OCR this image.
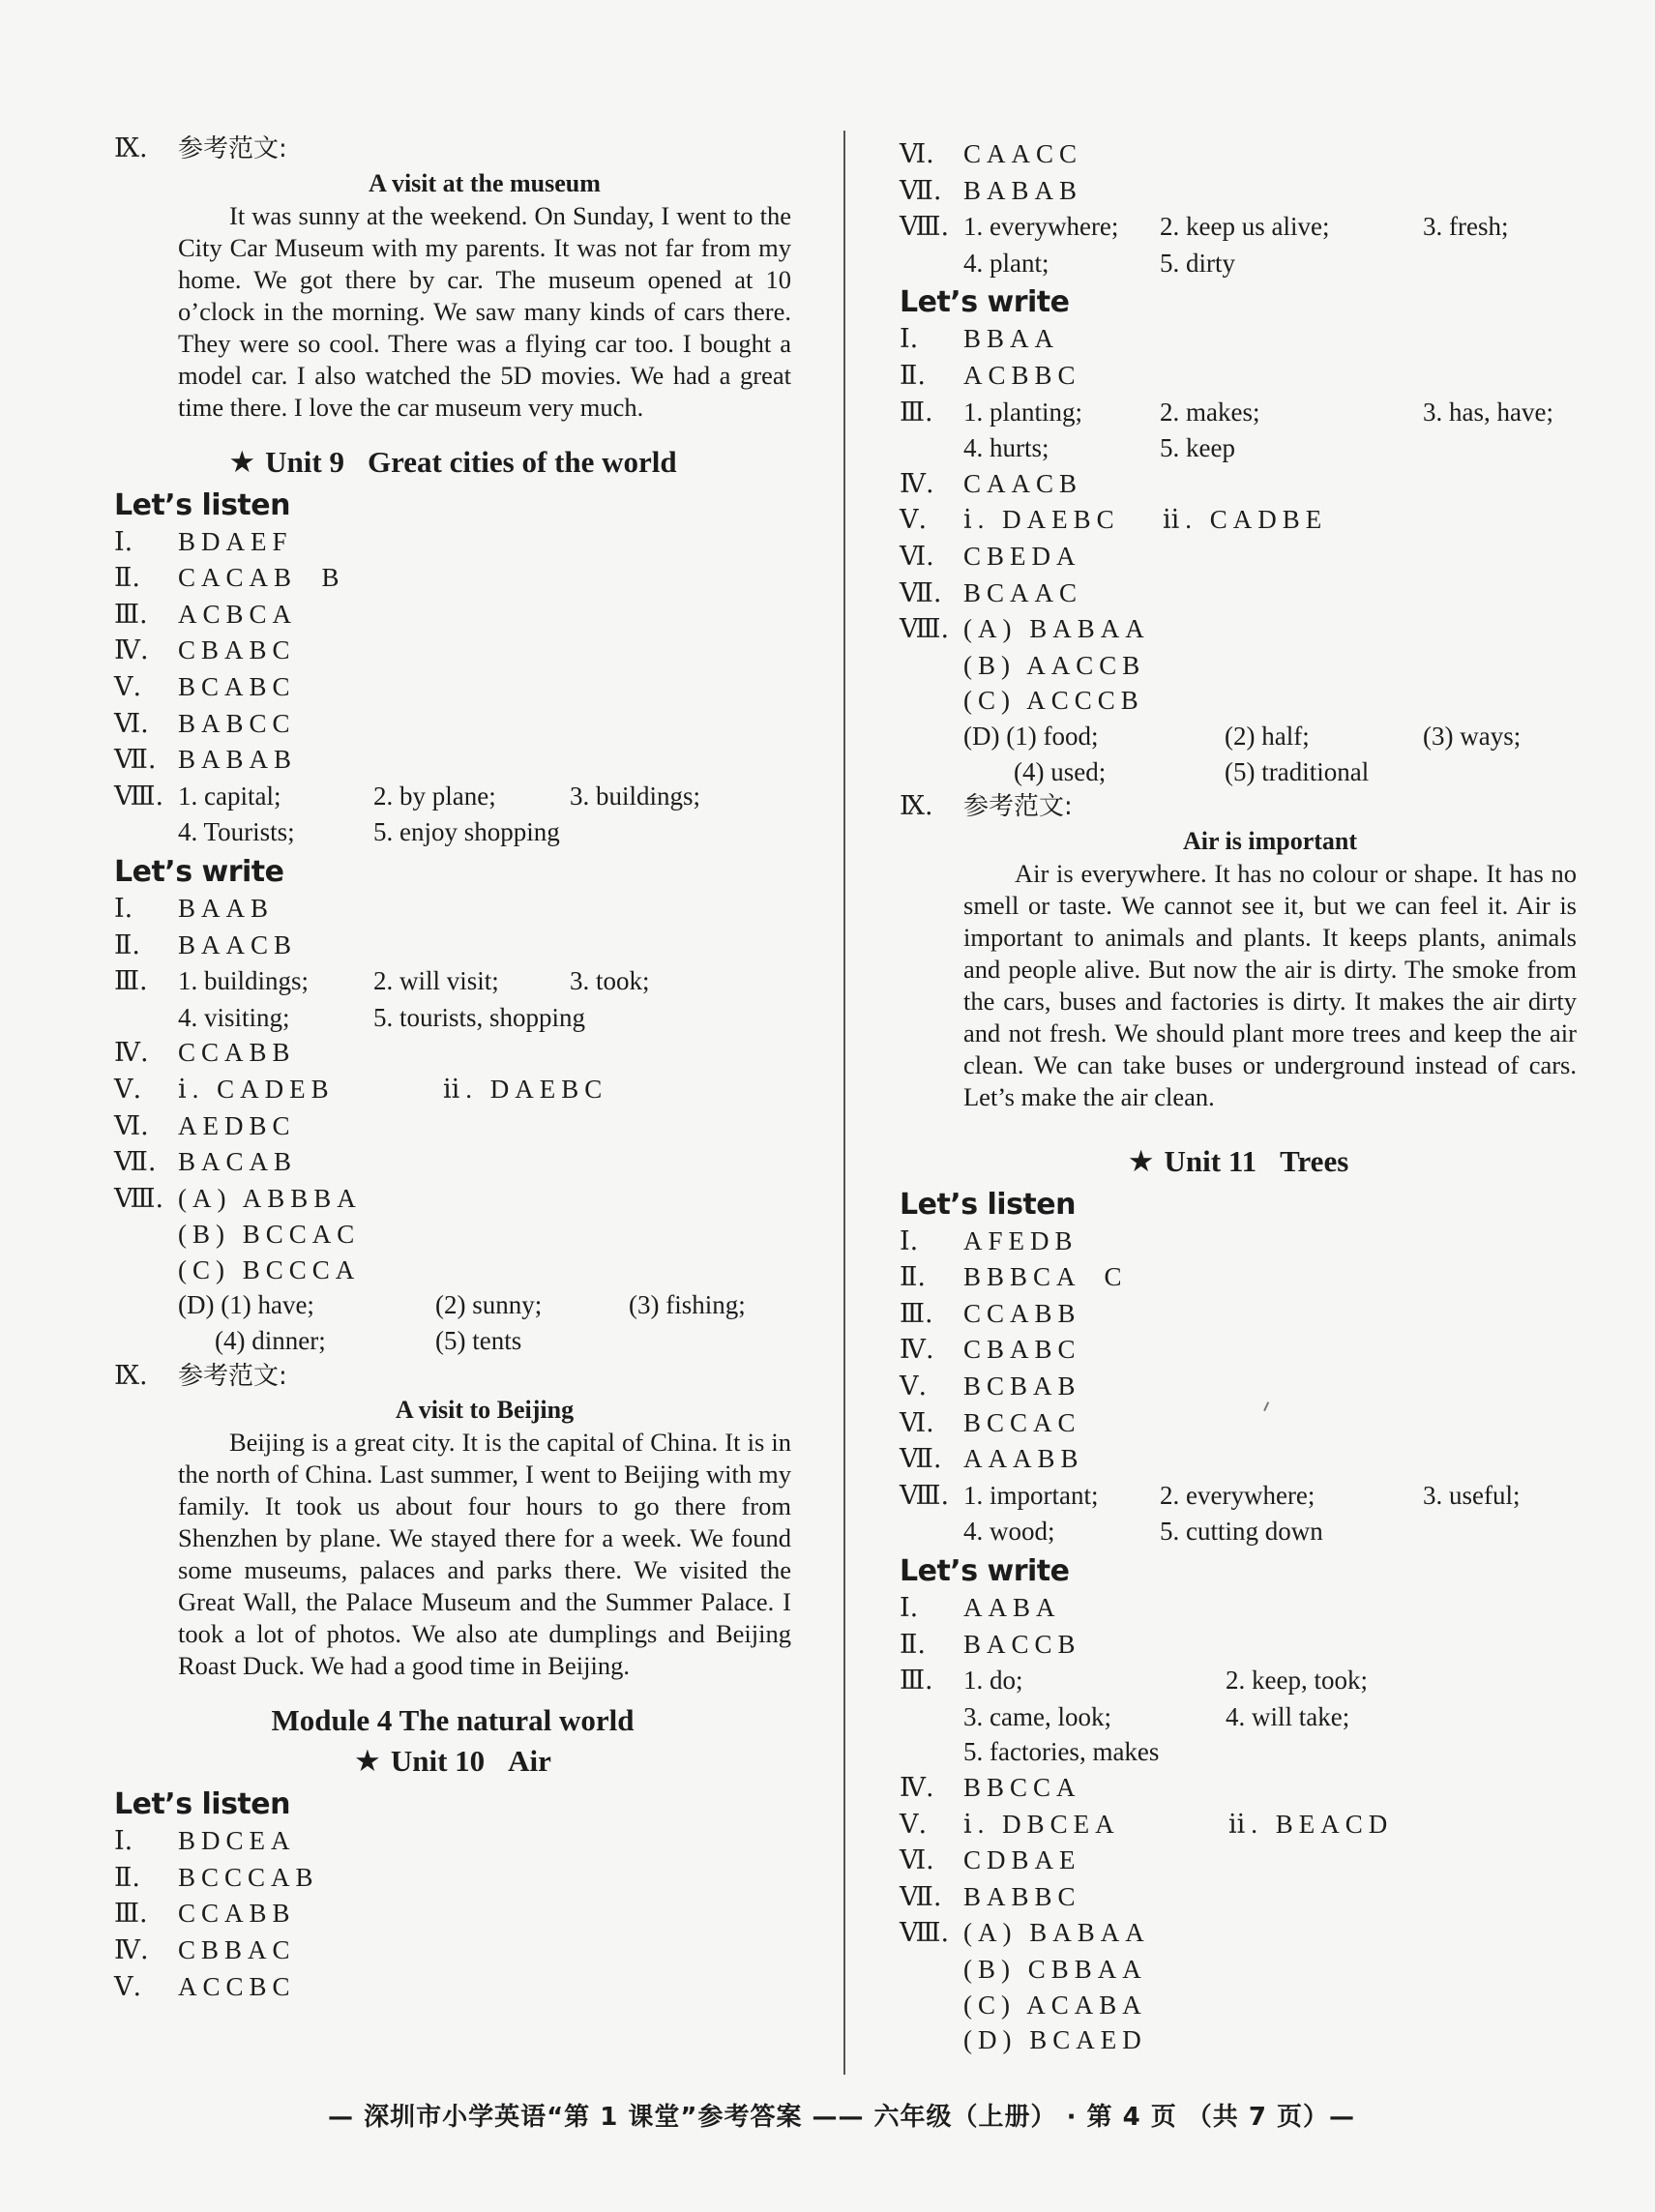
Ⅸ.	参考范文:
A visit at the museum
It was sunny at the weekend. On Sunday, I went to the City Car Museum with my parents. It was not far from my home. We got there by car. The museum opened at 10 o’clock in the morning. We saw many kinds of cars there. They were so cool. There was a flying car too. I bought a model car. I also watched the 5D movies. We had a great time there. I love the car museum very much.
★ Unit 9 Great cities of the world
Let’s listen
Ⅰ.	BDAEF
Ⅱ.	CACAB  B
Ⅲ.	ACBCA
Ⅳ.	CBABC
Ⅴ.	BCABC
Ⅵ.	BABCC
Ⅶ. BABAB
Ⅷ. 1. capital;	2. by plane;	3. buildings;
4. Tourists;	5. enjoy shopping
Let’s write
Ⅰ.	BAAB
Ⅱ.	BAACB
Ⅲ.	1. buildings;	2. will visit;	3. took;
4. visiting;	5. tourists, shopping
Ⅳ.	CCABB
Ⅴ.	ⅰ. CADEB	ⅱ. DAEBC
Ⅵ.	AEDBC
Ⅶ. BACAB
Ⅷ. (A) ABBBA
(B) BCCAC
(C) BCCCA
(D) (1) have;	(2) sunny;	(3) fishing;
(4) dinner;	(5) tents
Ⅸ.	参考范文:
A visit to Beijing
Beijing is a great city. It is the capital of China. It is in the north of China. Last summer, I went to Beijing with my family. It took us about four hours to go there from Shenzhen by plane. We stayed there for a week. We found some museums, palaces and parks there. We visited the Great Wall, the Palace Museum and the Summer Palace. I took a lot of photos. We also ate dumplings and Beijing Roast Duck. We had a good time in Beijing.
Module 4 The natural world
★ Unit 10 Air
Let’s listen
Ⅰ.	BDCEA
Ⅱ.	BCCCAB
Ⅲ.	CCABB
Ⅳ.	CBBAC
Ⅴ.	ACCBC
Ⅵ.	CAACC
Ⅶ. BABAB
Ⅷ. 1. everywhere;	2. keep us alive;	3. fresh;
4. plant;	5. dirty
Let’s write
Ⅰ.	BBAA
Ⅱ.	ACBBC
Ⅲ.	1. planting;	2. makes;	3. has, have;
4. hurts;	5. keep
Ⅳ.	CAACB
Ⅴ.	ⅰ. DAEBC	ⅱ. CADBE
Ⅵ.	CBEDA
Ⅶ. BCAAC
Ⅷ. (A) BABAA
(B) AACCB
(C) ACCCB
(D) (1) food;	(2) half;	(3) ways;
(4) used;	(5) traditional
Ⅸ.	参考范文:
Air is important
Air is everywhere. It has no colour or shape. It has no smell or taste. We cannot see it, but we can feel it. Air is important to animals and plants. It keeps plants, animals and people alive. But now the air is dirty. The smoke from the cars, buses and factories is dirty. It makes the air dirty and not fresh. We should plant more trees and keep the air clean. We can take buses or underground instead of cars. Let’s make the air clean.
★ Unit 11 Trees
Let’s listen
Ⅰ.	AFEDB
Ⅱ.	BBBCA  C
Ⅲ.	CCABB
Ⅳ.	CBABC
Ⅴ.	BCBAB
Ⅵ.	BCCAC
Ⅶ. AAABB
Ⅷ. 1. important;	2. everywhere;	3. useful;
4. wood;	5. cutting down
Let’s write
Ⅰ.	AABA
Ⅱ.	BACCB
Ⅲ.	1. do;	2. keep, took;
3. came, look;	4. will take;
5. factories, makes
Ⅳ.	BBCCA
Ⅴ.	ⅰ. DBCEA	ⅱ. BEACD
Ⅵ.	CDBAE
Ⅶ. BABBC
Ⅷ. (A) BABAA
(B) CBBAA
(C) ACABA
(D) BCAED
— 深圳市小学英语“第 1 课堂”参考答案 —— 六年级（上册） · 第 4 页 （共 7 页）—
